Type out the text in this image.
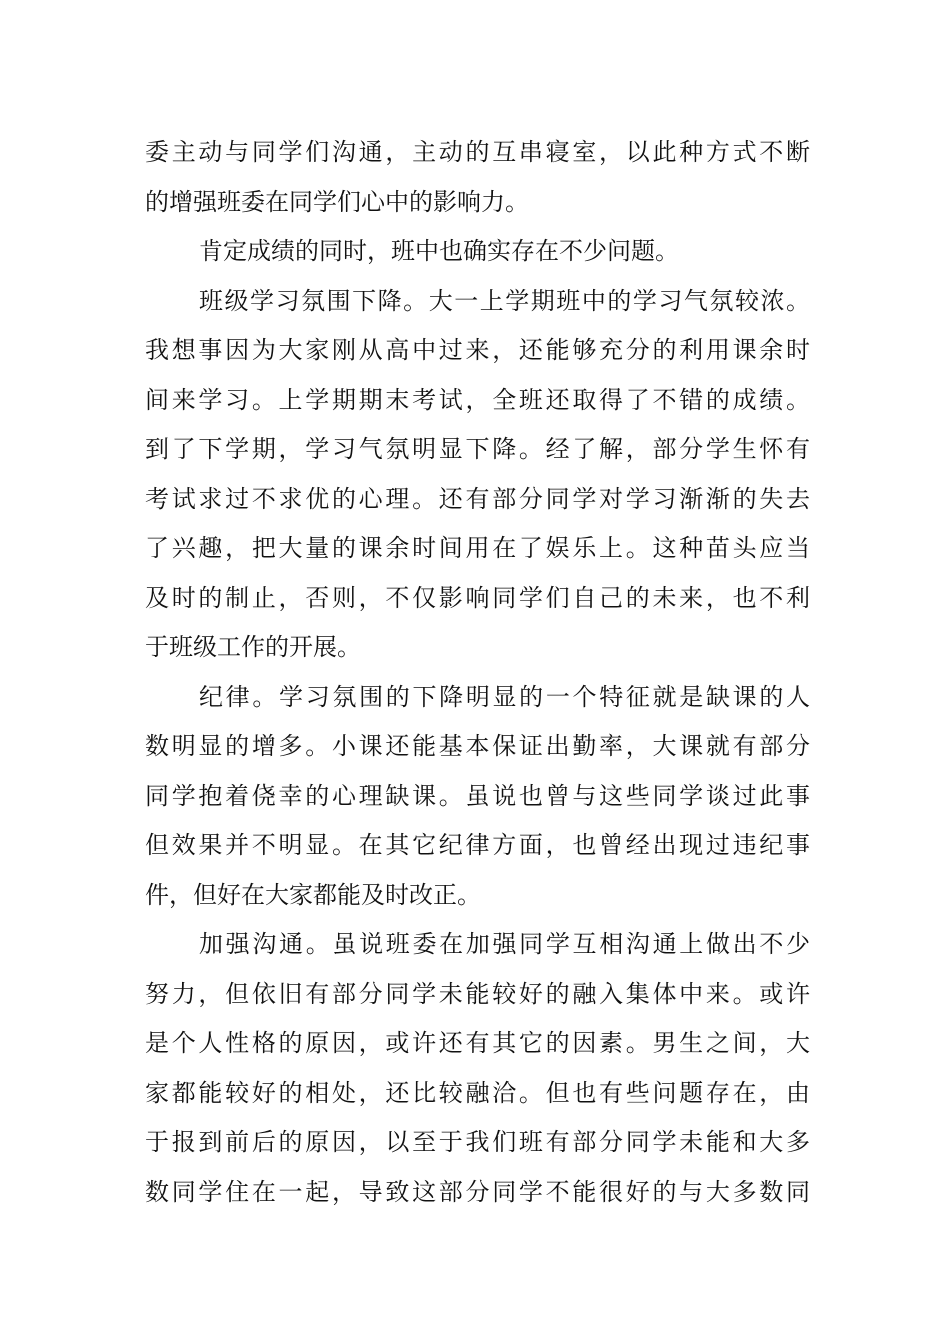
委主动与同学们沟通，主动的互串寝室，以此种方式不断
的增强班委在同学们心中的影响力。
肯定成绩的同时，班中也确实存在不少问题。
班级学习氛围下降。大一上学期班中的学习气氛较浓。
我想事因为大家刚从高中过来，还能够充分的利用课余时
间来学习。上学期期末考试，全班还取得了不错的成绩。
到了下学期，学习气氛明显下降。经了解，部分学生怀有
考试求过不求优的心理。还有部分同学对学习渐渐的失去
了兴趣，把大量的课余时间用在了娱乐上。这种苗头应当
及时的制止，否则，不仅影响同学们自己的未来，也不利
于班级工作的开展。
纪律。学习氛围的下降明显的一个特征就是缺课的人
数明显的增多。小课还能基本保证出勤率，大课就有部分
同学抱着侥幸的心理缺课。虽说也曾与这些同学谈过此事
但效果并不明显。在其它纪律方面，也曾经出现过违纪事
件，但好在大家都能及时改正。
加强沟通。虽说班委在加强同学互相沟通上做出不少
努力，但依旧有部分同学未能较好的融入集体中来。或许
是个人性格的原因，或许还有其它的因素。男生之间，大
家都能较好的相处，还比较融洽。但也有些问题存在，由
于报到前后的原因，以至于我们班有部分同学未能和大多
数同学住在一起，导致这部分同学不能很好的与大多数同
